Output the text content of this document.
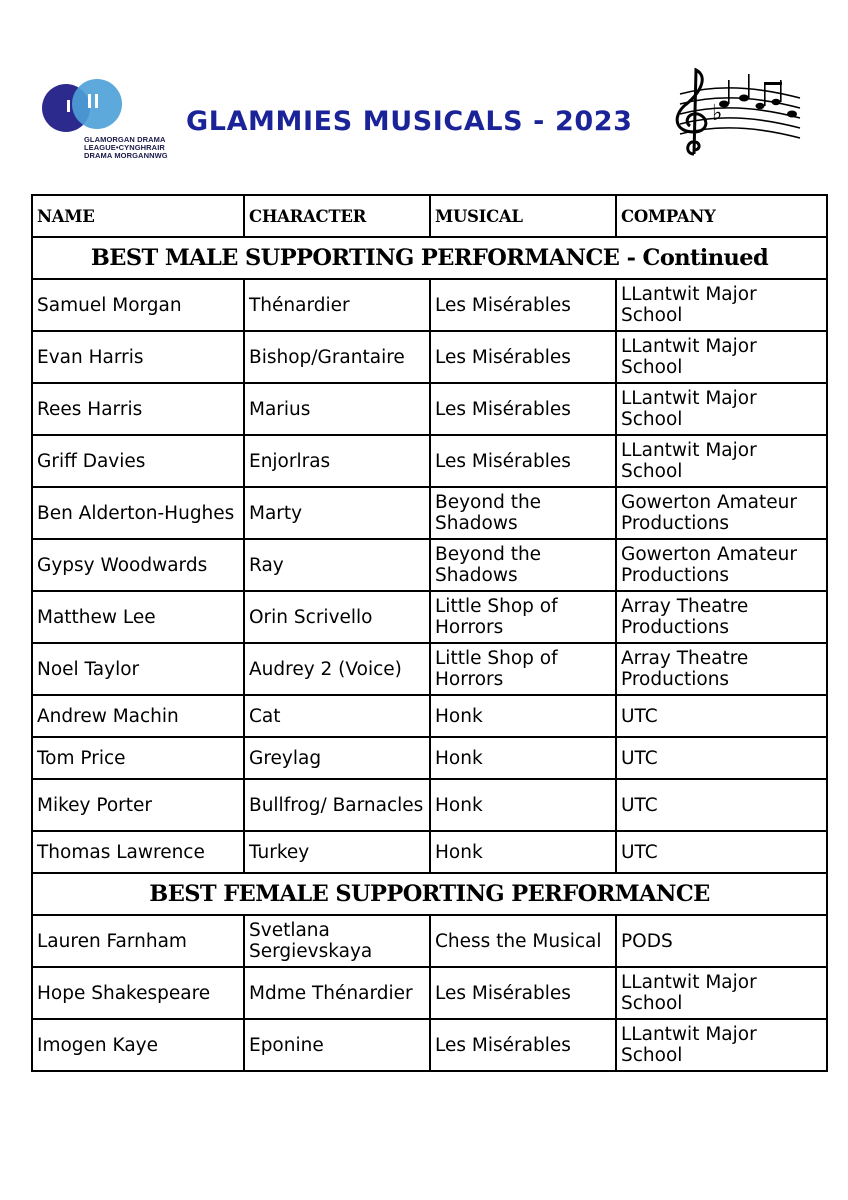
GLAMORGAN DRAMA
LEAGUE•CYNGHRAIR
DRAMA MORGANNWG
GLAMMIES MUSICALS - 2023	♭
NAME	CHARACTER	MUSICAL	COMPANY
BEST MALE SUPPORTING PERFORMANCE - Continued			
Samuel Morgan	Thénardier	Les Misérables	LLantwit Major School
Evan Harris	Bishop/Grantaire	Les Misérables	LLantwit Major School
Rees Harris	Marius	Les Misérables	LLantwit Major School
Griff Davies	Enjorlras	Les Misérables	LLantwit Major School
Ben Alderton-Hughes	Marty	Beyond the Shadows	Gowerton Amateur Productions
Gypsy Woodwards	Ray	Beyond the Shadows	Gowerton Amateur Productions
Matthew Lee	Orin Scrivello	Little Shop of Horrors	Array Theatre Productions
Noel Taylor	Audrey 2 (Voice)	Little Shop of Horrors	Array Theatre Productions
Andrew Machin	Cat	Honk	UTC
Tom Price	Greylag	Honk	UTC
Mikey Porter	Bullfrog/ Barnacles	Honk	UTC
Thomas Lawrence	Turkey	Honk	UTC
BEST FEMALE SUPPORTING PERFORMANCE			
Lauren Farnham	Svetlana Sergievskaya	Chess the Musical	PODS
Hope Shakespeare	Mdme Thénardier	Les Misérables	LLantwit Major School
Imogen Kaye	Eponine	Les Misérables	LLantwit Major School
